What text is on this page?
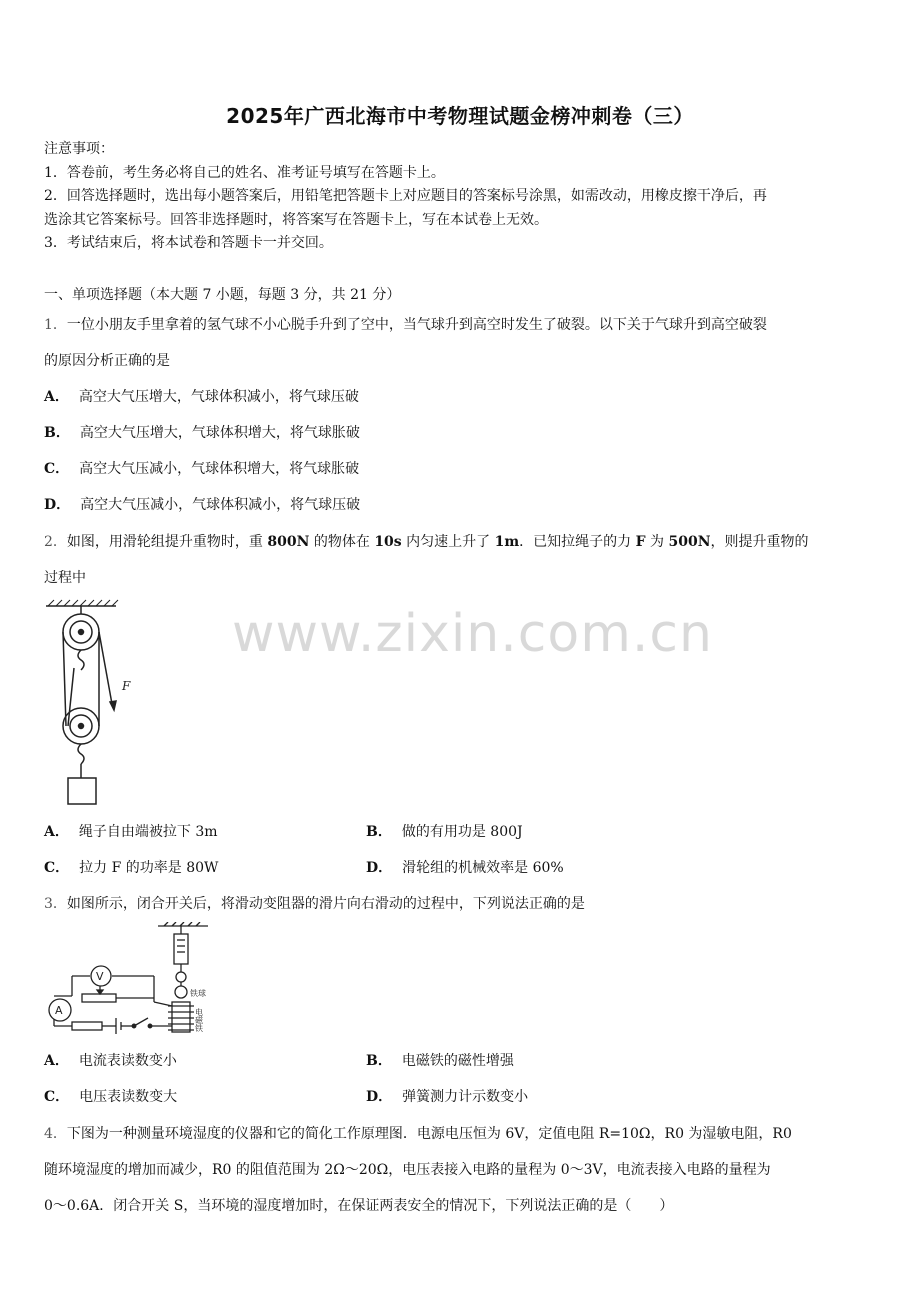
2025年广西北海市中考物理试题金榜冲刺卷（三）
注意事项：
1．答卷前，考生务必将自己的姓名、准考证号填写在答题卡上。
2．回答选择题时，选出每小题答案后，用铅笔把答题卡上对应题目的答案标号涂黑，如需改动，用橡皮擦干净后，再
选涂其它答案标号。回答非选择题时，将答案写在答题卡上，写在本试卷上无效。
3．考试结束后，将本试卷和答题卡一并交回。
一、单项选择题（本大题 7 小题，每题 3 分，共 21 分）
1．一位小朋友手里拿着的氢气球不小心脱手升到了空中，当气球升到高空时发生了破裂。以下关于气球升到高空破裂
的原因分析正确的是
A． 高空大气压增大，气球体积减小，将气球压破
B． 高空大气压增大，气球体积增大，将气球胀破
C． 高空大气压减小，气球体积增大，将气球胀破
D． 高空大气压减小，气球体积减小，将气球压破
2．如图，用滑轮组提升重物时，重 800N 的物体在 10s 内匀速上升了 1m．已知拉绳子的力 F 为 500N，则提升重物的
过程中
F
A． 绳子自由端被拉下 3m	B． 做的有用功是 800J
C． 拉力 F 的功率是 80W	D． 滑轮组的机械效率是 60%
3．如图所示，闭合开关后，将滑动变阻器的滑片向右滑动的过程中，下列说法正确的是
V
A
铁球
电磁铁
A． 电流表读数变小	B． 电磁铁的磁性增强
C． 电压表读数变大	D． 弹簧测力计示数变小
4．下图为一种测量环境湿度的仪器和它的简化工作原理图．电源电压恒为 6V，定值电阻 R=10Ω，R0 为湿敏电阻，R0
随环境湿度的增加而减少，R0 的阻值范围为 2Ω～20Ω，电压表接入电路的量程为 0～3V，电流表接入电路的量程为
0～0.6A．闭合开关 S，当环境的湿度增加时，在保证两表安全的情况下，下列说法正确的是（　　）
www.zixin.com.cn
